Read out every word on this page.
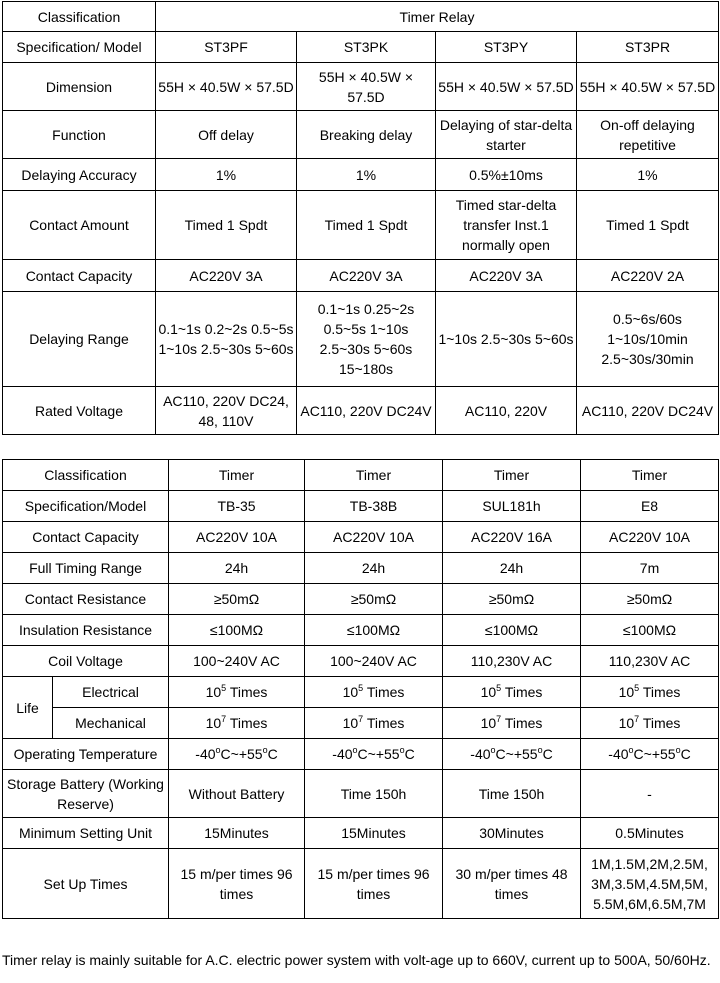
Classification	Timer Relay			
Specification/ Model	ST3PF	ST3PK	ST3PY	ST3PR
Dimension	55H × 40.5W × 57.5D	55H × 40.5W × 57.5D	55H × 40.5W × 57.5D	55H × 40.5W × 57.5D
Function	Off delay	Breaking delay	Delaying of star-delta starter	On-off delaying repetitive
Delaying Accuracy	1%	1%	0.5%±10ms	1%
Contact Amount	Timed 1 Spdt	Timed 1 Spdt	Timed star-delta transfer Inst.1 normally open	Timed 1 Spdt
Contact Capacity	AC220V 3A	AC220V 3A	AC220V 3A	AC220V 2A
Delaying Range	0.1~1s 0.2~2s 0.5~5s 1~10s 2.5~30s 5~60s	0.1~1s 0.25~2s 0.5~5s 1~10s 2.5~30s 5~60s 15~180s	1~10s 2.5~30s 5~60s	0.5~6s/60s 1~10s/10min 2.5~30s/30min
Rated Voltage	AC110, 220V DC24, 48, 110V	AC110, 220V DC24V	AC110, 220V	AC110, 220V DC24V
Classification		Timer	Timer	Timer	Timer
Specification/Model		TB-35	TB-38B	SUL181h	E8
Contact Capacity		AC220V 10A	AC220V 10A	AC220V 16A	AC220V 10A
Full Timing Range		24h	24h	24h	7m
Contact Resistance		≥50mΩ	≥50mΩ	≥50mΩ	≥50mΩ
Insulation Resistance		≤100MΩ	≤100MΩ	≤100MΩ	≤100MΩ
Coil Voltage		100~240V AC	100~240V AC	110,230V AC	110,230V AC
Life	Electrical	$10^5$ Times	$10^5$ Times	$10^5$ Times	$10^5$ Times
	Mechanical	$10^7$ Times	$10^7$ Times	$10^7$ Times	$10^7$ Times
Operating Temperature		$-40^oC\sim+55^oC$	$-40^oC\sim+55^oC$	$-40^oC\sim+55^oC$	$-40^oC\sim+55^oC$
Storage Battery (Working Reserve)		Without Battery	Time 150h	Time 150h	-
Minimum Setting Unit		15Minutes	15Minutes	30Minutes	0.5Minutes
Set Up Times		15 m/per times 96 times	15 m/per times 96 times	30 m/per times 48 times	1M,1.5M,2M,2.5M, 3M,3.5M,4.5M,5M, 5.5M,6M,6.5M,7M

Timer relay is mainly suitable for A.C. electric power system with volt-age up to 660V, current up to 500A, 50/60Hz.
